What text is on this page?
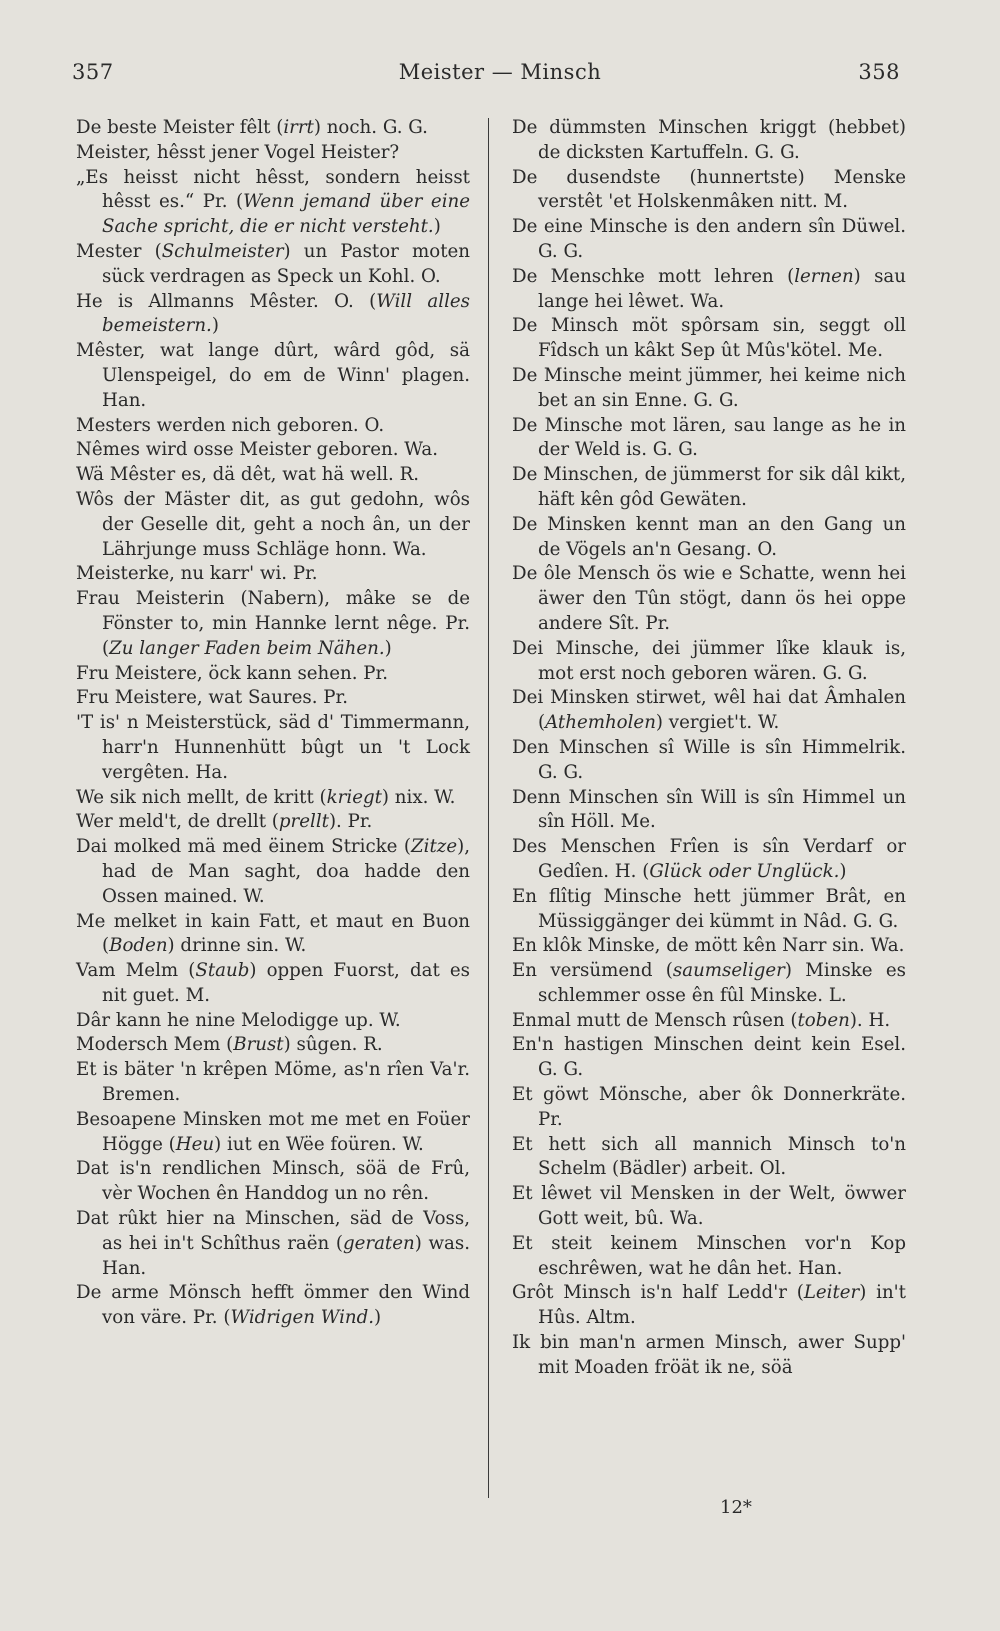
357	Meister — Minsch	358
De beste Meister fêlt (irrt) noch. G. G.
Meister, hêsst jener Vogel Heister?
„Es heisst nicht hêsst, sondern heisst hêsst es.“ Pr. (Wenn jemand über eine Sache spricht, die er nicht versteht.)
Mester (Schulmeister) un Pastor moten sück verdragen as Speck un Kohl. O.
He is Allmanns Mêster. O. (Will alles bemeistern.)
Mêster, wat lange dûrt, wârd gôd, sä Ulenspeigel, do em de Winn' plagen. Han.
Mesters werden nich geboren. O.
Nêmes wird osse Meister geboren. Wa.
Wä Mêster es, dä dêt, wat hä well. R.
Wôs der Mäster dit, as gut gedohn, wôs der Geselle dit, geht a noch ân, un der Lährjunge muss Schläge honn. Wa.
Meisterke, nu karr' wi. Pr.
Frau Meisterin (Nabern), mâke se de Fönster to, min Hannke lernt nêge. Pr. (Zu langer Faden beim Nähen.)
Fru Meistere, öck kann sehen. Pr.
Fru Meistere, wat Saures. Pr.
'T is' n Meisterstück, säd d' Timmermann, harr'n Hunnenhütt bûgt un 't Lock vergêten. Ha.
We sik nich mellt, de kritt (kriegt) nix. W.
Wer meld't, de drellt (prellt). Pr.
Dai molked mä med ëinem Stricke (Zitze), had de Man saght, doa hadde den Ossen mained. W.
Me melket in kain Fatt, et maut en Buon (Boden) drinne sin. W.
Vam Melm (Staub) oppen Fuorst, dat es nit guet. M.
Dâr kann he nine Melodigge up. W.
Modersch Mem (Brust) sûgen. R.
Et is bäter 'n krêpen Möme, as'n rîen Va'r. Bremen.
Besoapene Minsken mot me met en Foüer Högge (Heu) iut en Wëe foüren. W.
Dat is'n rendlichen Minsch, söä de Frû, vèr Wochen ên Handdog un no rên.
Dat rûkt hier na Minschen, säd de Voss, as hei in't Schîthus raën (geraten) was. Han.
De arme Mönsch hefft ömmer den Wind von väre. Pr. (Widrigen Wind.)
De dümmsten Minschen kriggt (hebbet) de dicksten Kartuffeln. G. G.
De dusendste (hunnertste) Menske verstêt 'et Holskenmâken nitt. M.
De eine Minsche is den andern sîn Düwel. G. G.
De Menschke mott lehren (lernen) sau lange hei lêwet. Wa.
De Minsch möt spôrsam sin, seggt oll Fîdsch un kâkt Sep ût Mûs'kötel. Me.
De Minsche meint jümmer, hei keime nich bet an sin Enne. G. G.
De Minsche mot lären, sau lange as he in der Weld is. G. G.
De Minschen, de jümmerst for sik dâl kikt, häft kên gôd Gewäten.
De Minsken kennt man an den Gang un de Vögels an'n Gesang. O.
De ôle Mensch ös wie e Schatte, wenn hei äwer den Tûn stögt, dann ös hei oppe andere Sît. Pr.
Dei Minsche, dei jümmer lîke klauk is, mot erst noch geboren wären. G. G.
Dei Minsken stirwet, wêl hai dat Âmhalen (Athemholen) vergiet't. W.
Den Minschen sî Wille is sîn Himmelrik. G. G.
Denn Minschen sîn Will is sîn Himmel un sîn Höll. Me.
Des Menschen Frîen is sîn Verdarf or Gedîen. H. (Glück oder Unglück.)
En flîtig Minsche hett jümmer Brât, en Müssiggänger dei kümmt in Nâd. G. G.
En klôk Minske, de mött kên Narr sin. Wa.
En versümend (saumseliger) Minske es schlemmer osse ên fûl Minske. L.
Enmal mutt de Mensch rûsen (toben). H.
En'n hastigen Minschen deint kein Esel. G. G.
Et göwt Mönsche, aber ôk Donnerkräte. Pr.
Et hett sich all mannich Minsch to'n Schelm (Bädler) arbeit. Ol.
Et lêwet vil Mensken in der Welt, öwwer Gott weit, bû. Wa.
Et steit keinem Minschen vor'n Kop eschrêwen, wat he dân het. Han.
Grôt Minsch is'n half Ledd'r (Leiter) in't Hûs. Altm.
Ik bin man'n armen Minsch, awer Supp' mit Moaden fröät ik ne, söä
12*
